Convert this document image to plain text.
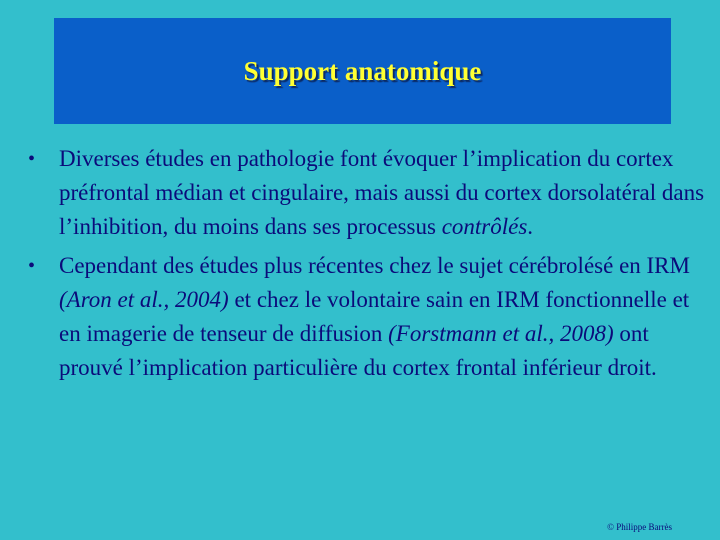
Support anatomique
•	Diverses études en pathologie font évoquer l’implication du cortex préfrontal médian et cingulaire, mais aussi du cortex dorsolatéral dans l’inhibition, du moins dans ses processus contrôlés.
•	Cependant des études plus récentes chez le sujet cérébrolésé en IRM (Aron et al., 2004) et chez le volontaire sain en IRM fonctionnelle et en imagerie de tenseur de diffusion (Forstmann et al., 2008) ont prouvé l’implication particulière du cortex frontal inférieur droit.
© Philippe Barrès
